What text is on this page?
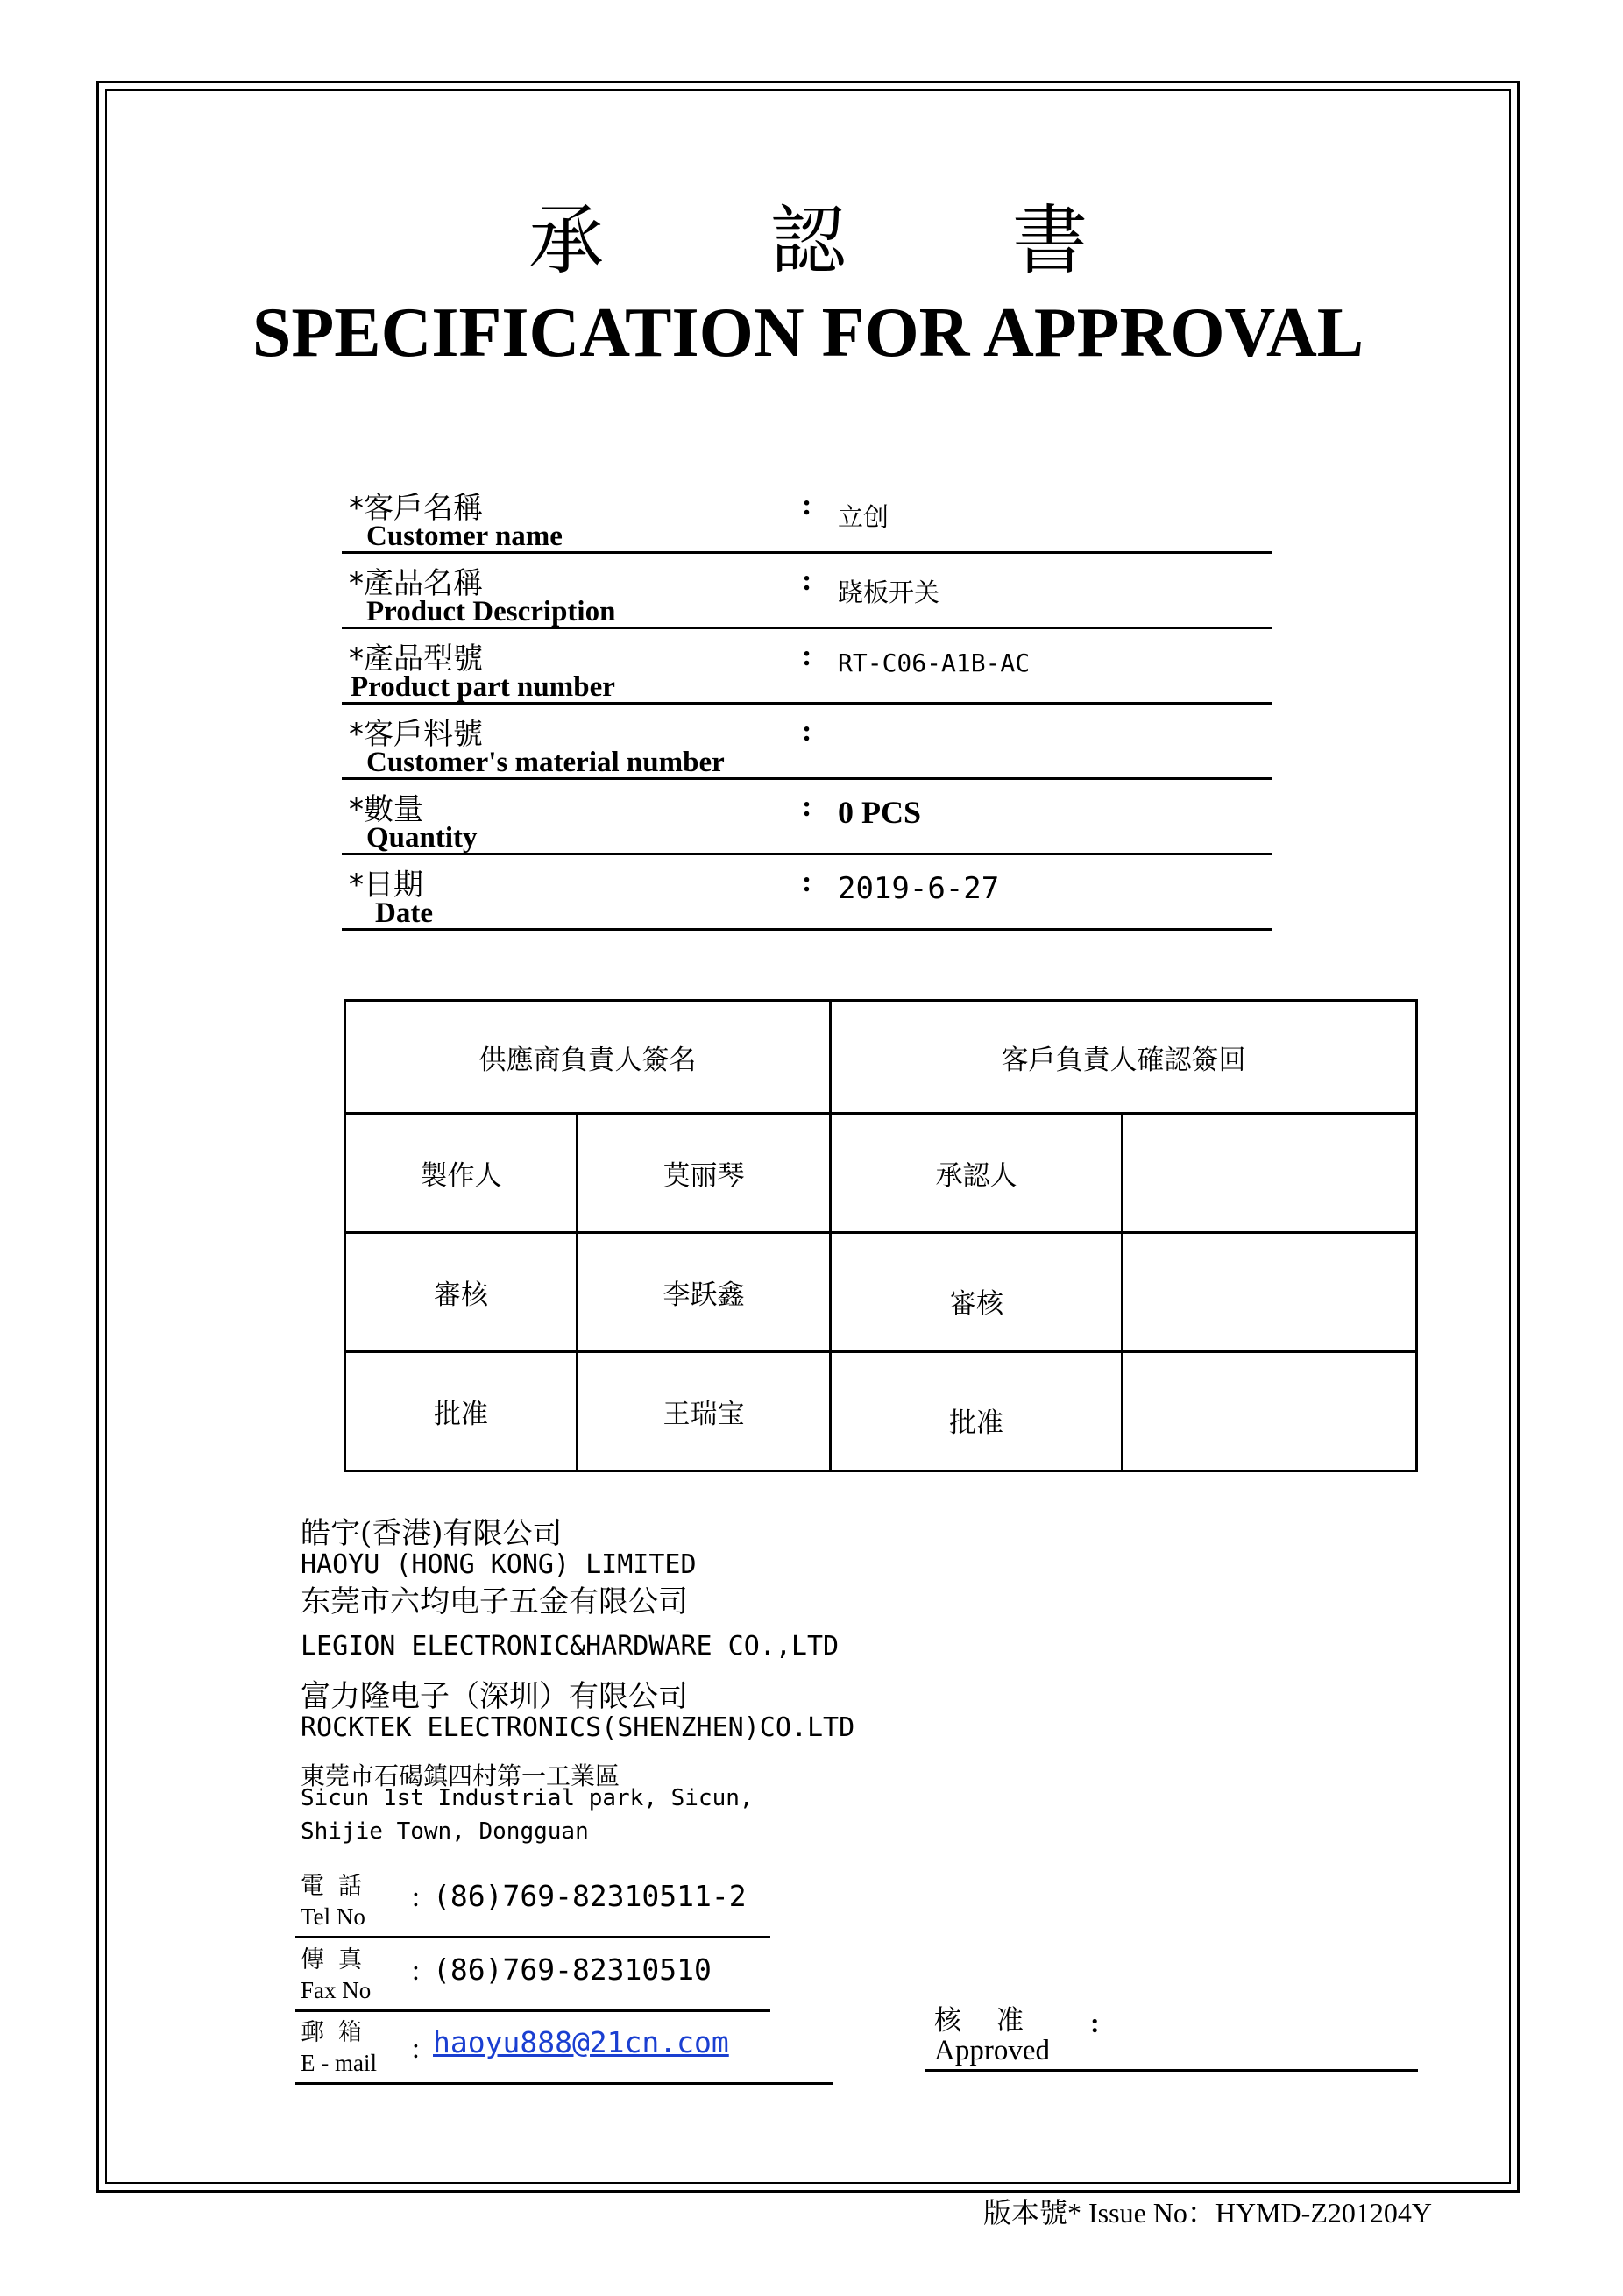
承 認 書
SPECIFICATION FOR APPROVAL
*客戶名稱
Customer name
: 立创
*產品名稱
Product Description
: 跷板开关
*產品型號
Product part number
: RT-C06-A1B-AC
*客戶料號
Customer's material number
:
*數量
Quantity
: 0 PCS
*日期
Date
: 2019-6-27
供應商負責人簽名	客戶負責人確認簽回
製作人	莫丽琴	承認人
審核	李跃鑫	審核
批准	王瑞宝	批准
皓宇(香港)有限公司
HAOYU (HONG KONG) LIMITED
东莞市六均电子五金有限公司
LEGION ELECTRONIC&HARDWARE CO.,LTD
富力隆电子（深圳）有限公司
ROCKTEK ELECTRONICS(SHENZHEN)CO.LTD
東莞市石碣鎮四村第一工業區
Sicun 1st Industrial park, Sicun,
Shijie Town, Dongguan
電話
Tel No
: (86)769-82310511-2
傳真
Fax No
: (86)769-82310510
郵箱
E - mail : haoyu888@21cn.com
核准
Approved
:
版本號* Issue No：HYMD-Z201204Y
